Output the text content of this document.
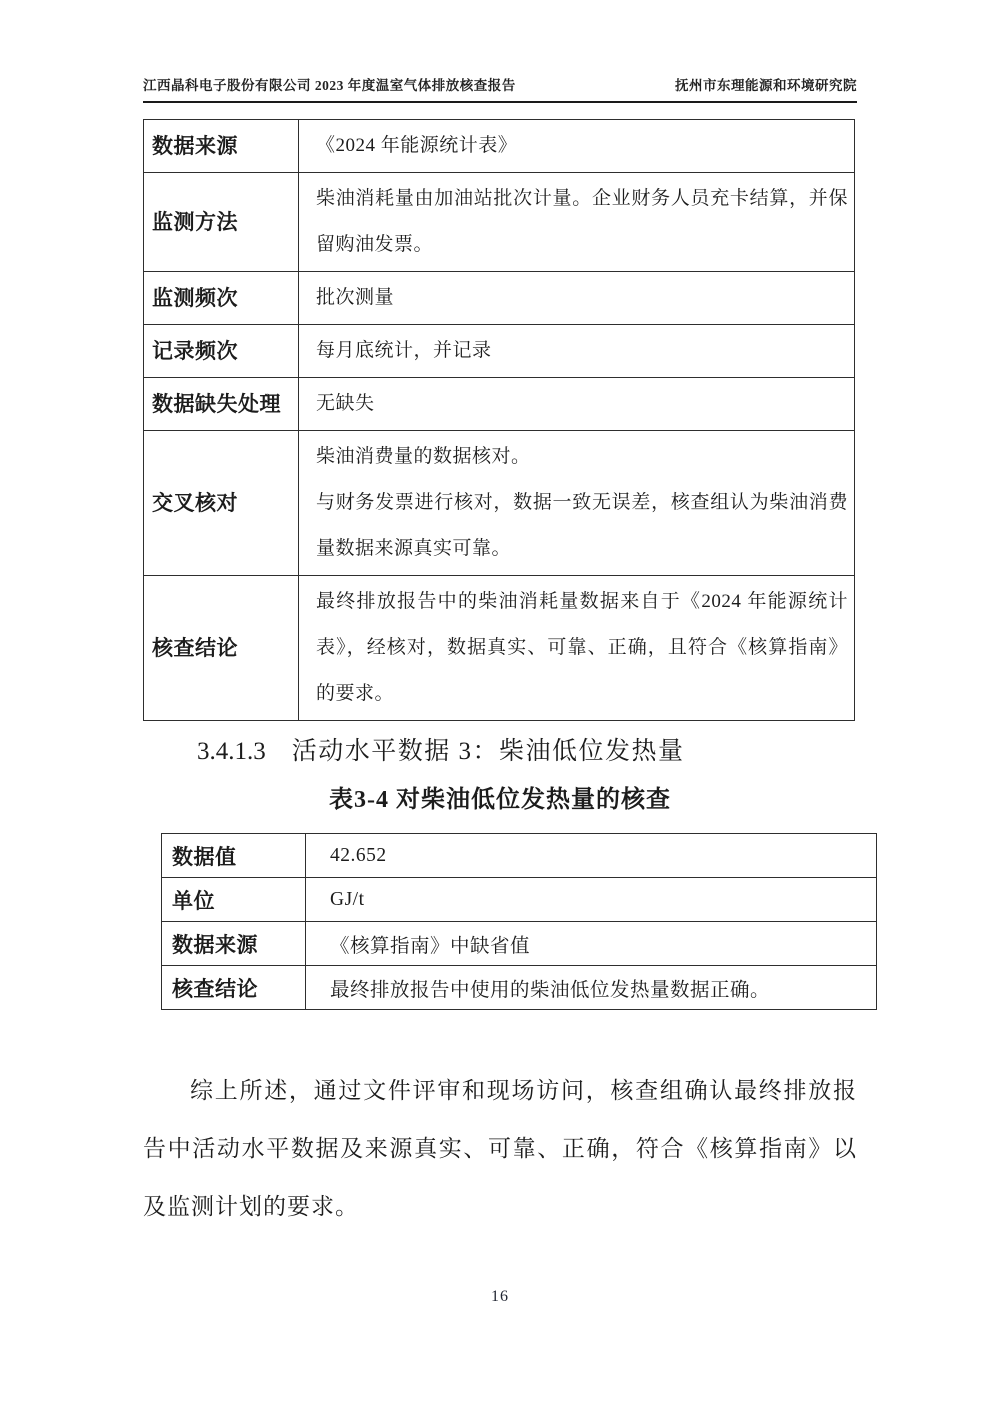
江西晶科电子股份有限公司 2023 年度温室气体排放核查报告	抚州市东理能源和环境研究院
数据来源	《2024 年能源统计表》

监测方法	柴油消耗量由加油站批次计量。企业财务人员充卡结算，并保留购油发票。

监测频次	批次测量

记录频次	每月底统计，并记录

数据缺失处理	无缺失

交叉核对	柴油消费量的数据核对。

与财务发票进行核对，数据一致无误差，核查组认为柴油消费量数据来源真实可靠。

核查结论	最终排放报告中的柴油消耗量数据来自于《2024 年能源统计表》，经核对，数据真实、可靠、正确，且符合《核算指南》的要求。

3.4.1.3 活动水平数据 3：柴油低位发热量
表3-4 对柴油低位发热量的核查
数据值	42.652

单位	GJ/t

数据来源	《核算指南》中缺省值

核查结论	最终排放报告中使用的柴油低位发热量数据正确。

综上所述，通过文件评审和现场访问，核查组确认最终排放报告中活动水平数据及来源真实、可靠、正确，符合《核算指南》以及监测计划的要求。

16
